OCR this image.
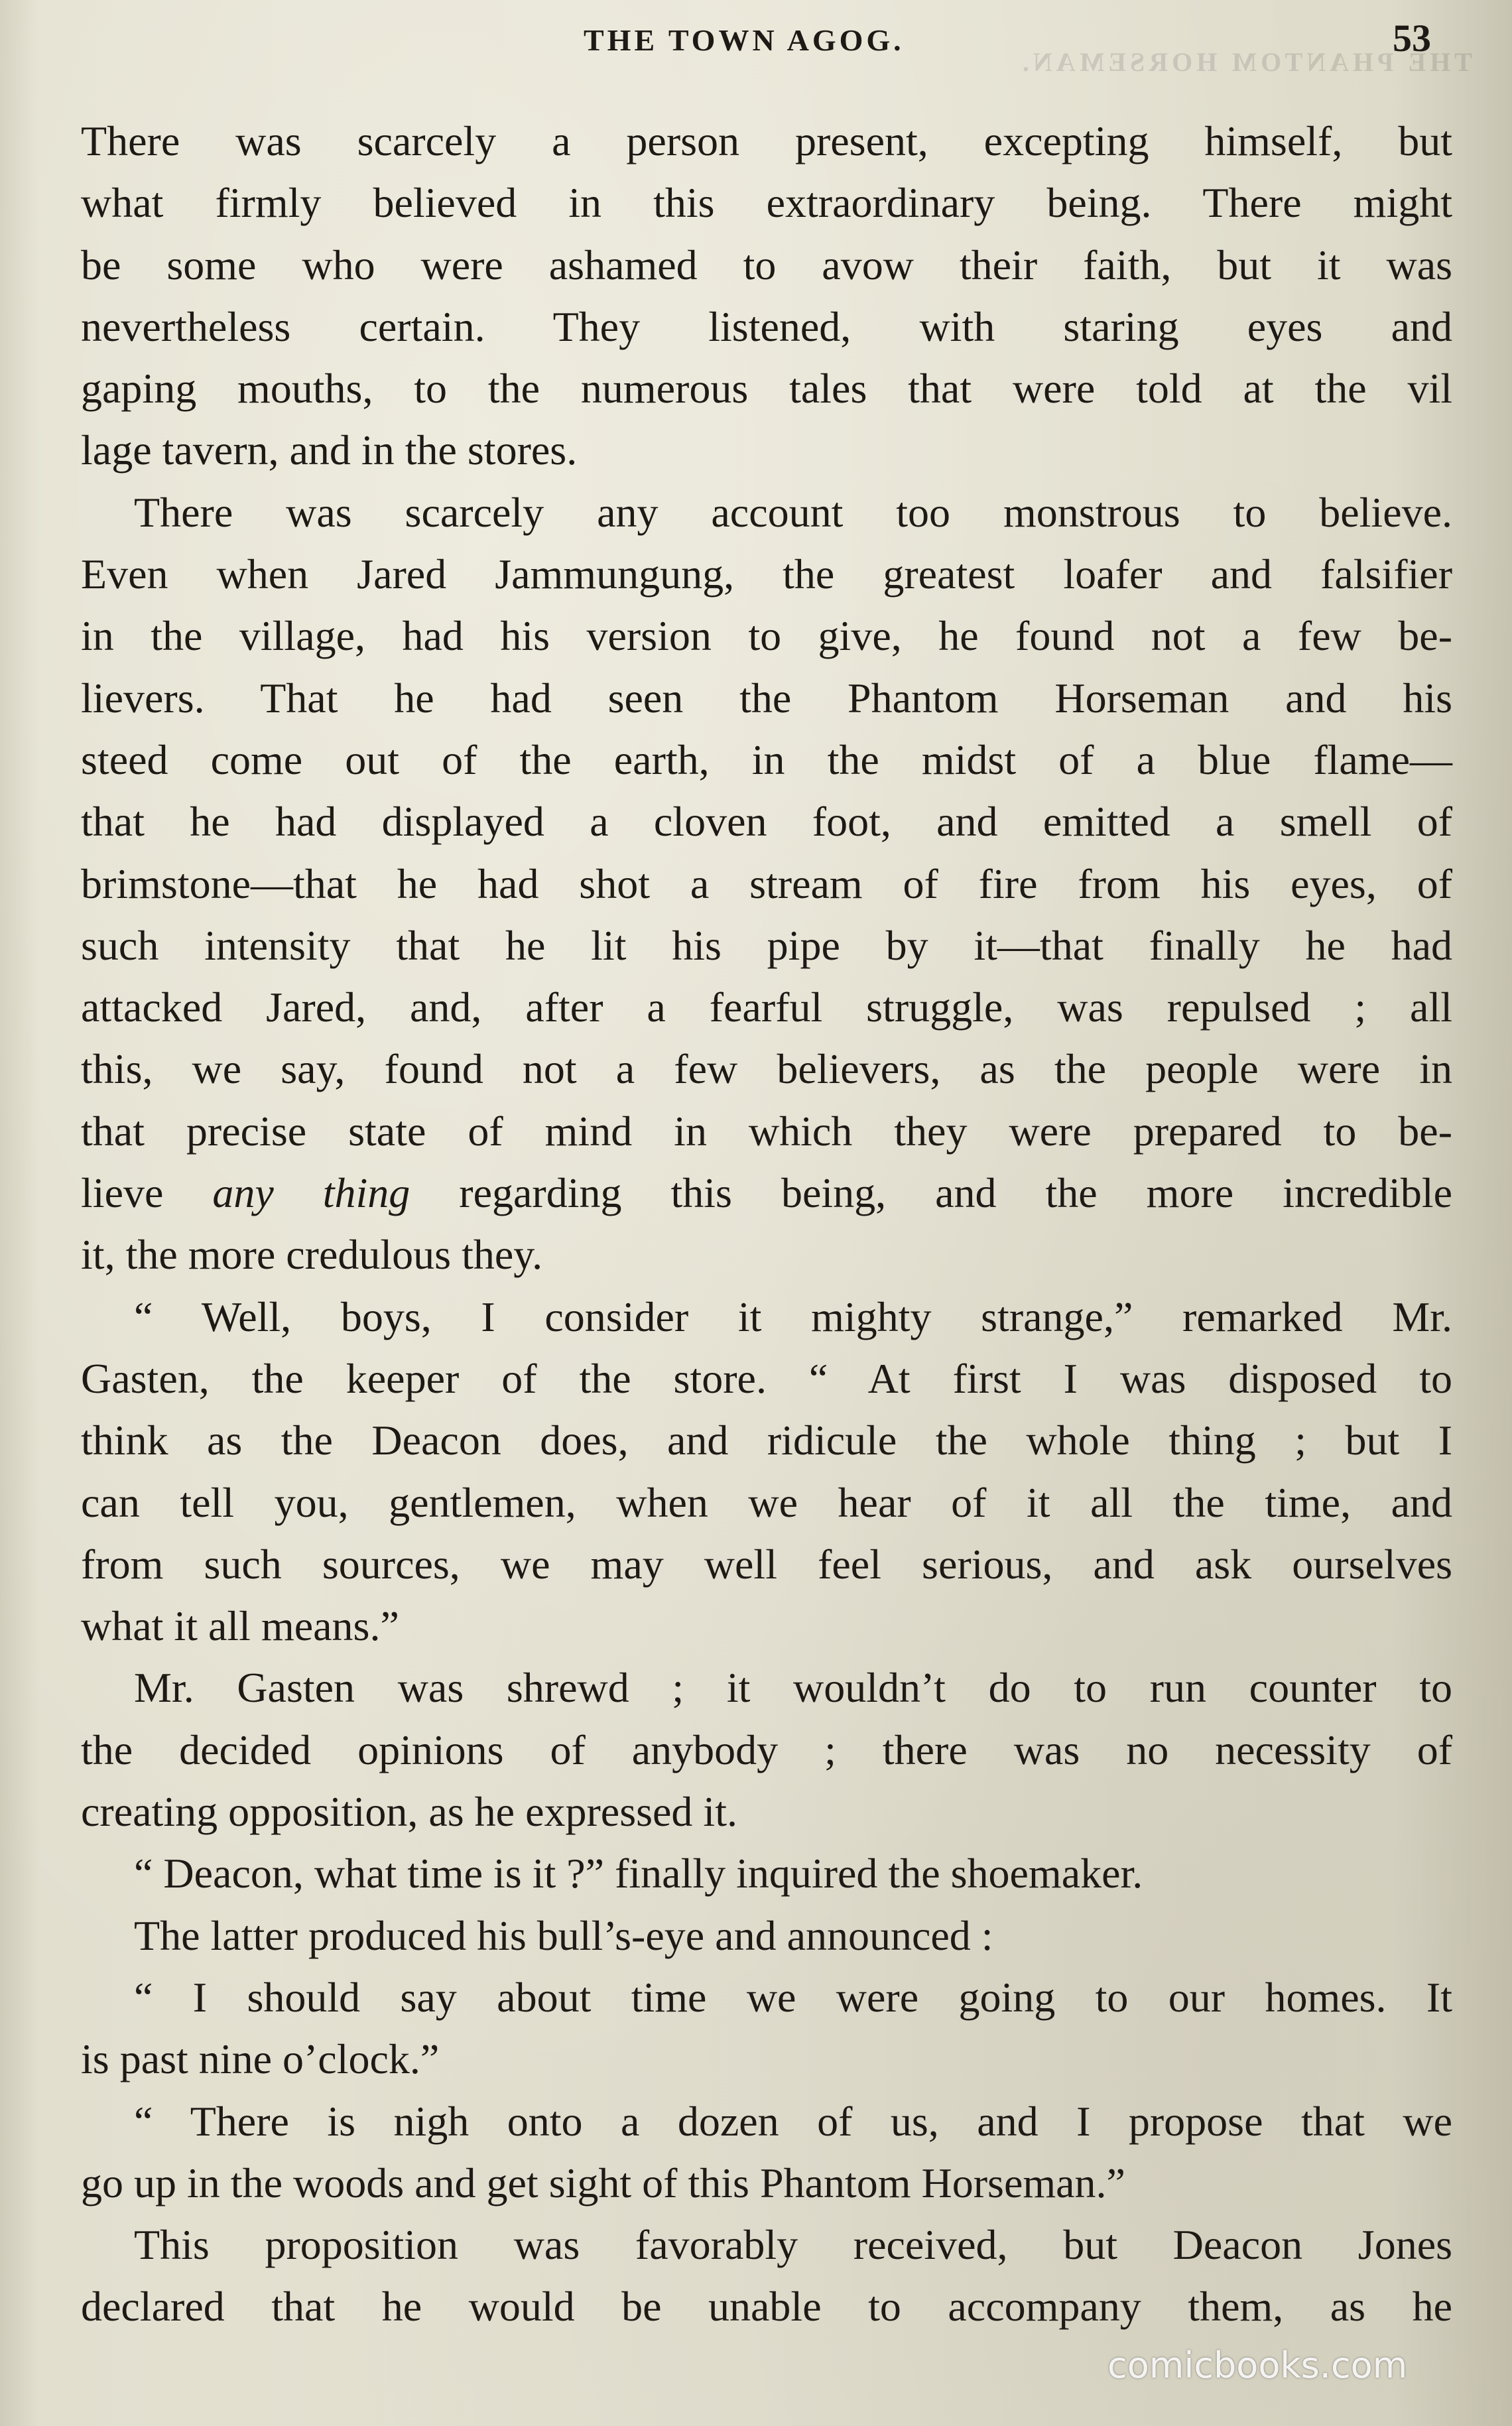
THE PHANTOM HORSEMAN.
THE TOWN AGOG.	53
There was scarcely a person present, excepting himself, but
what firmly believed in this extraordinary being. There might
be some who were ashamed to avow their faith, but it was
nevertheless certain. They listened, with staring eyes and
gaping mouths, to the numerous tales that were told at the vil
lage tavern, and in the stores.
There was scarcely any account too monstrous to believe.
Even when Jared Jammungung, the greatest loafer and falsifier
in the village, had his version to give, he found not a few be-
lievers. That he had seen the Phantom Horseman and his
steed come out of the earth, in the midst of a blue flame—
that he had displayed a cloven foot, and emitted a smell of
brimstone—that he had shot a stream of fire from his eyes, of
such intensity that he lit his pipe by it—that finally he had
attacked Jared, and, after a fearful struggle, was repulsed ; all
this, we say, found not a few believers, as the people were in
that precise state of mind in which they were prepared to be-
lieve any thing regarding this being, and the more incredible
it, the more credulous they.
“ Well, boys, I consider it mighty strange,” remarked Mr.
Gasten, the keeper of the store. “ At first I was disposed to
think as the Deacon does, and ridicule the whole thing ; but I
can tell you, gentlemen, when we hear of it all the time, and
from such sources, we may well feel serious, and ask ourselves
what it all means.”
Mr. Gasten was shrewd ; it wouldn’t do to run counter to
the decided opinions of anybody ; there was no necessity of
creating opposition, as he expressed it.
“ Deacon, what time is it ?” finally inquired the shoemaker.
The latter produced his bull’s-eye and announced :
“ I should say about time we were going to our homes. It
is past nine o’clock.”
“ There is nigh onto a dozen of us, and I propose that we
go up in the woods and get sight of this Phantom Horseman.”
This proposition was favorably received, but Deacon Jones
declared that he would be unable to accompany them, as he
comicbooks.com
